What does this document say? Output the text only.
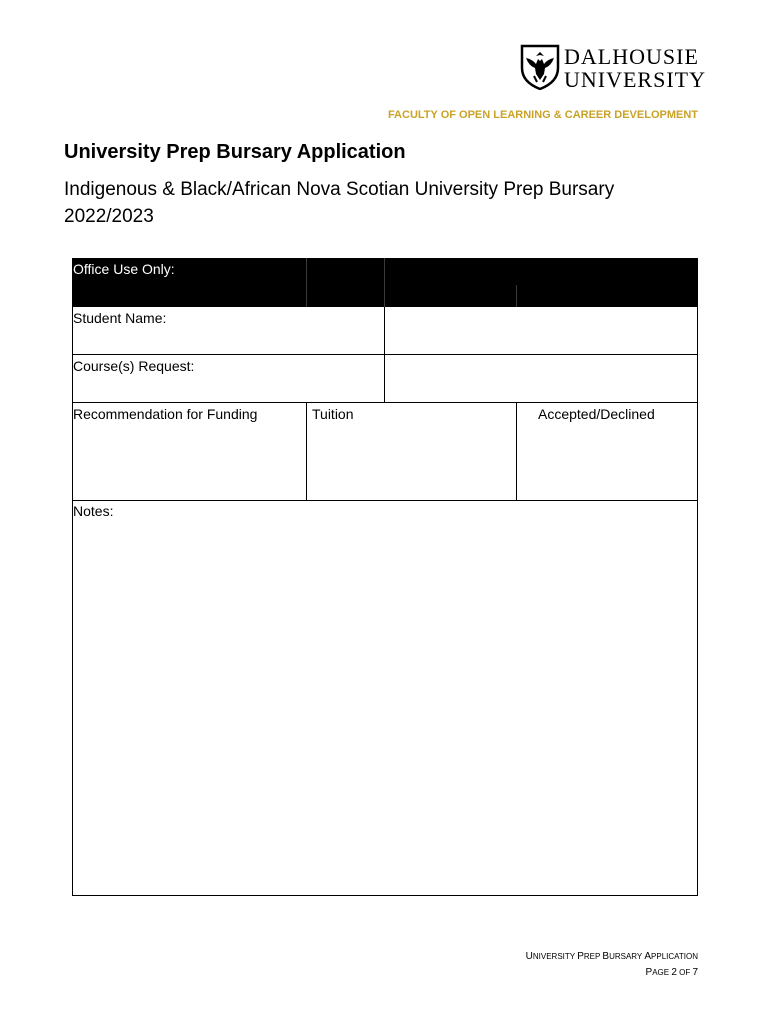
DALHOUSIE
UNIVERSITY
FACULTY OF OPEN LEARNING & CAREER DEVELOPMENT
University Prep Bursary Application
Indigenous & Black/African Nova Scotian University Prep Bursary 2022/2023
Office Use Only:
Student Name:
Course(s) Request:
Recommendation for Funding	Tuition	Accepted/Declined
Notes:
UNIVERSITY PREP BURSARY APPLICATION
PAGE 2 OF 7
